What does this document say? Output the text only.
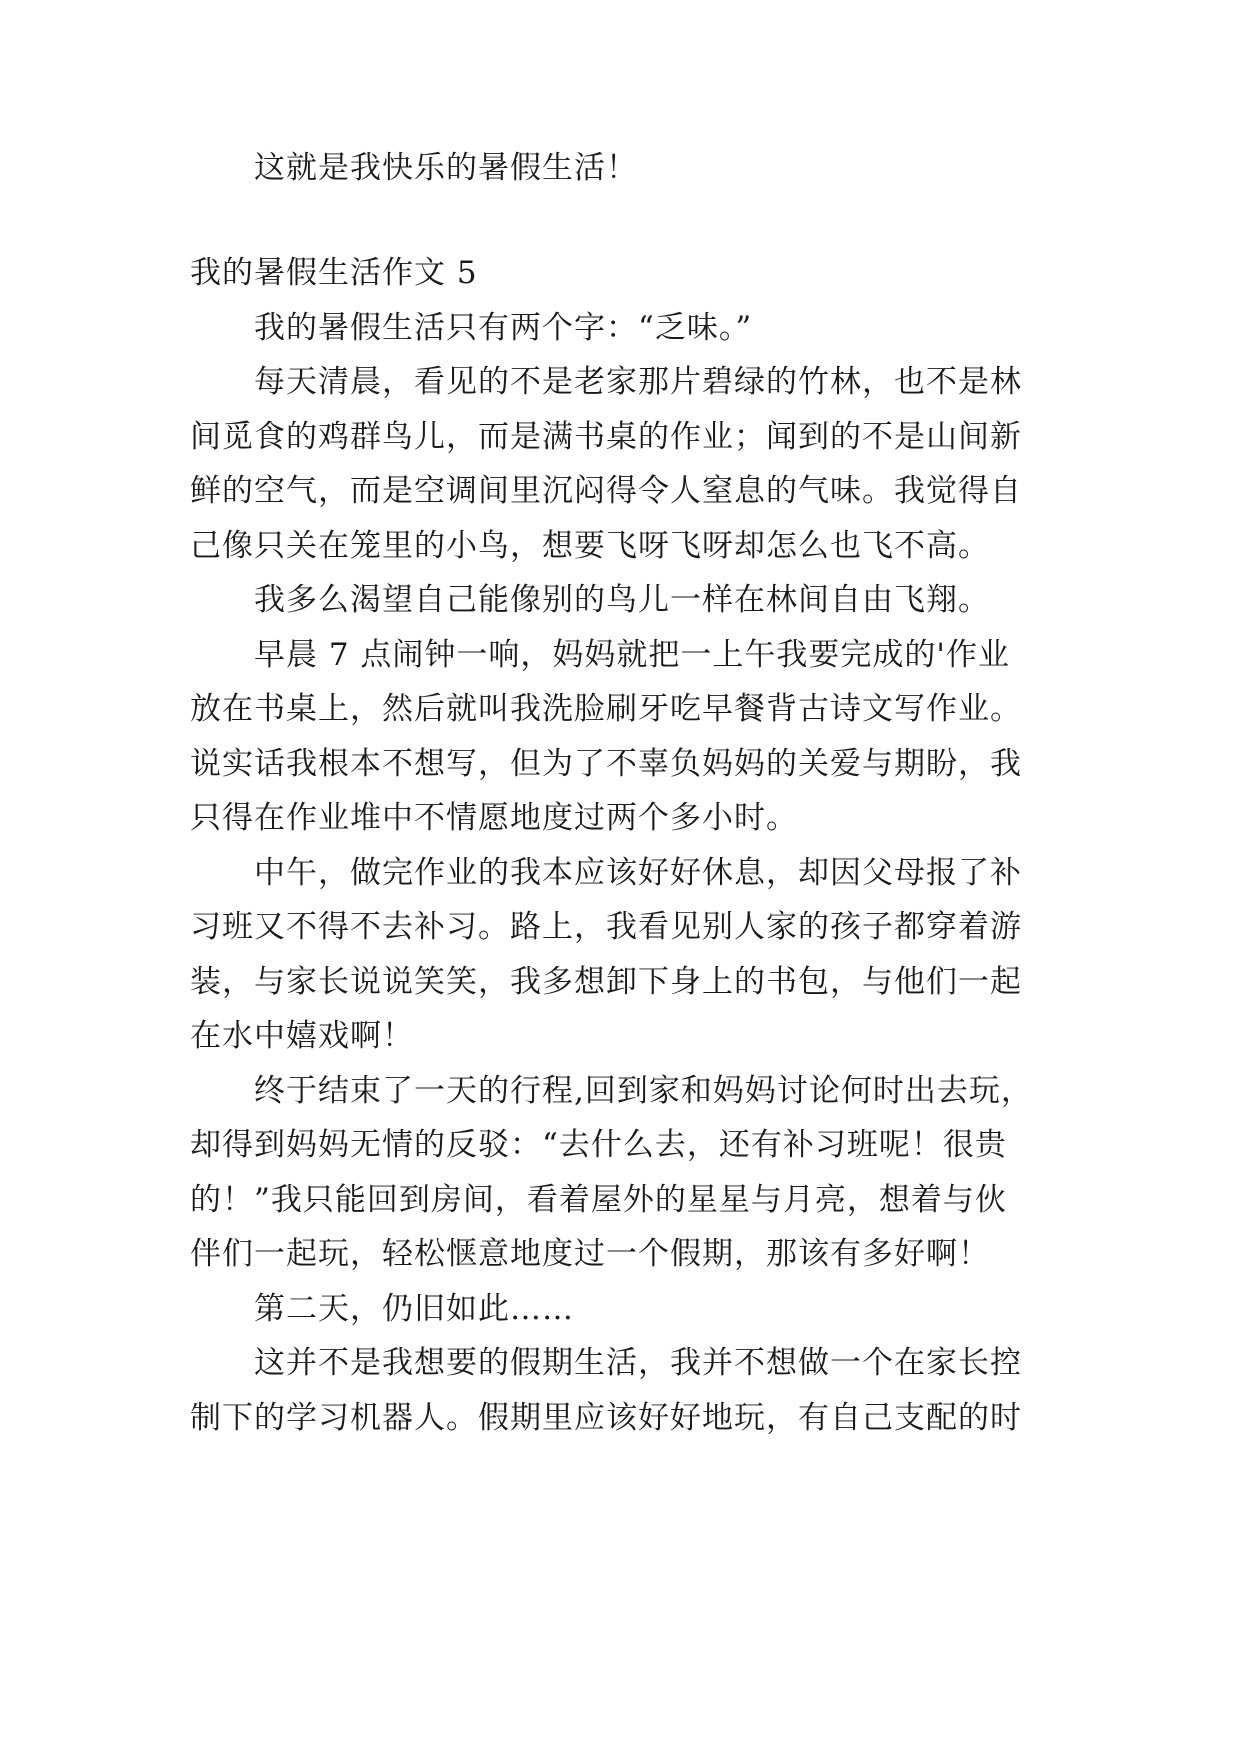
这就是我快乐的暑假生活！
我的暑假生活作文 5
我的暑假生活只有两个字：“乏味。”
每天清晨，看见的不是老家那片碧绿的竹林，也不是林
间觅食的鸡群鸟儿，而是满书桌的作业；闻到的不是山间新
鲜的空气，而是空调间里沉闷得令人窒息的气味。我觉得自
己像只关在笼里的小鸟，想要飞呀飞呀却怎么也飞不高。
我多么渴望自己能像别的鸟儿一样在林间自由飞翔。
早晨 7 点闹钟一响，妈妈就把一上午我要完成的'作业
放在书桌上，然后就叫我洗脸刷牙吃早餐背古诗文写作业。
说实话我根本不想写，但为了不辜负妈妈的关爱与期盼，我
只得在作业堆中不情愿地度过两个多小时。
中午，做完作业的我本应该好好休息，却因父母报了补
习班又不得不去补习。路上，我看见别人家的孩子都穿着游
装，与家长说说笑笑，我多想卸下身上的书包，与他们一起
在水中嬉戏啊！
终于结束了一天的行程,回到家和妈妈讨论何时出去玩，
却得到妈妈无情的反驳：“去什么去，还有补习班呢！很贵
的！”我只能回到房间，看着屋外的星星与月亮，想着与伙
伴们一起玩，轻松惬意地度过一个假期，那该有多好啊！
第二天，仍旧如此……
这并不是我想要的假期生活，我并不想做一个在家长控
制下的学习机器人。假期里应该好好地玩，有自己支配的时
